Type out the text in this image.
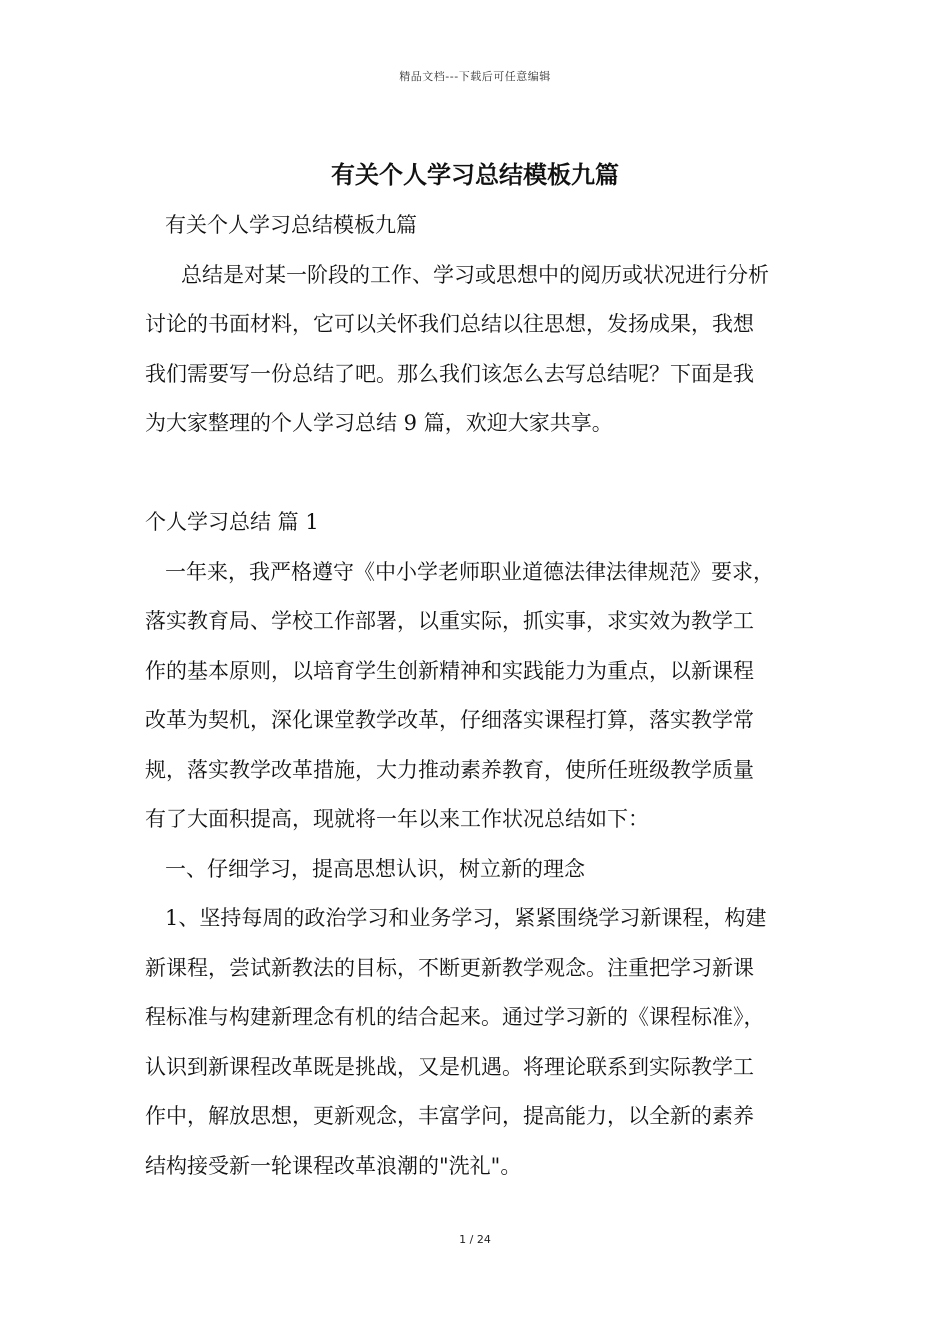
精品文档---下载后可任意编辑
有关个人学习总结模板九篇
有关个人学习总结模板九篇
总结是对某一阶段的工作、学习或思想中的阅历或状况进行分析
讨论的书面材料，它可以关怀我们总结以往思想，发扬成果，我想
我们需要写一份总结了吧。那么我们该怎么去写总结呢？下面是我
为大家整理的个人学习总结 9 篇，欢迎大家共享。
个人学习总结 篇 1
一年来，我严格遵守《中小学老师职业道德法律法律规范》要求，
落实教育局、学校工作部署，以重实际，抓实事，求实效为教学工
作的基本原则，以培育学生创新精神和实践能力为重点，以新课程
改革为契机，深化课堂教学改革，仔细落实课程打算，落实教学常
规，落实教学改革措施，大力推动素养教育，使所任班级教学质量
有了大面积提高，现就将一年以来工作状况总结如下：
一、仔细学习，提高思想认识，树立新的理念
1、坚持每周的政治学习和业务学习，紧紧围绕学习新课程，构建
新课程，尝试新教法的目标，不断更新教学观念。注重把学习新课
程标准与构建新理念有机的结合起来。通过学习新的《课程标准》，
认识到新课程改革既是挑战，又是机遇。将理论联系到实际教学工
作中，解放思想，更新观念，丰富学问，提高能力，以全新的素养
结构接受新一轮课程改革浪潮的"洗礼"。
1 / 24
